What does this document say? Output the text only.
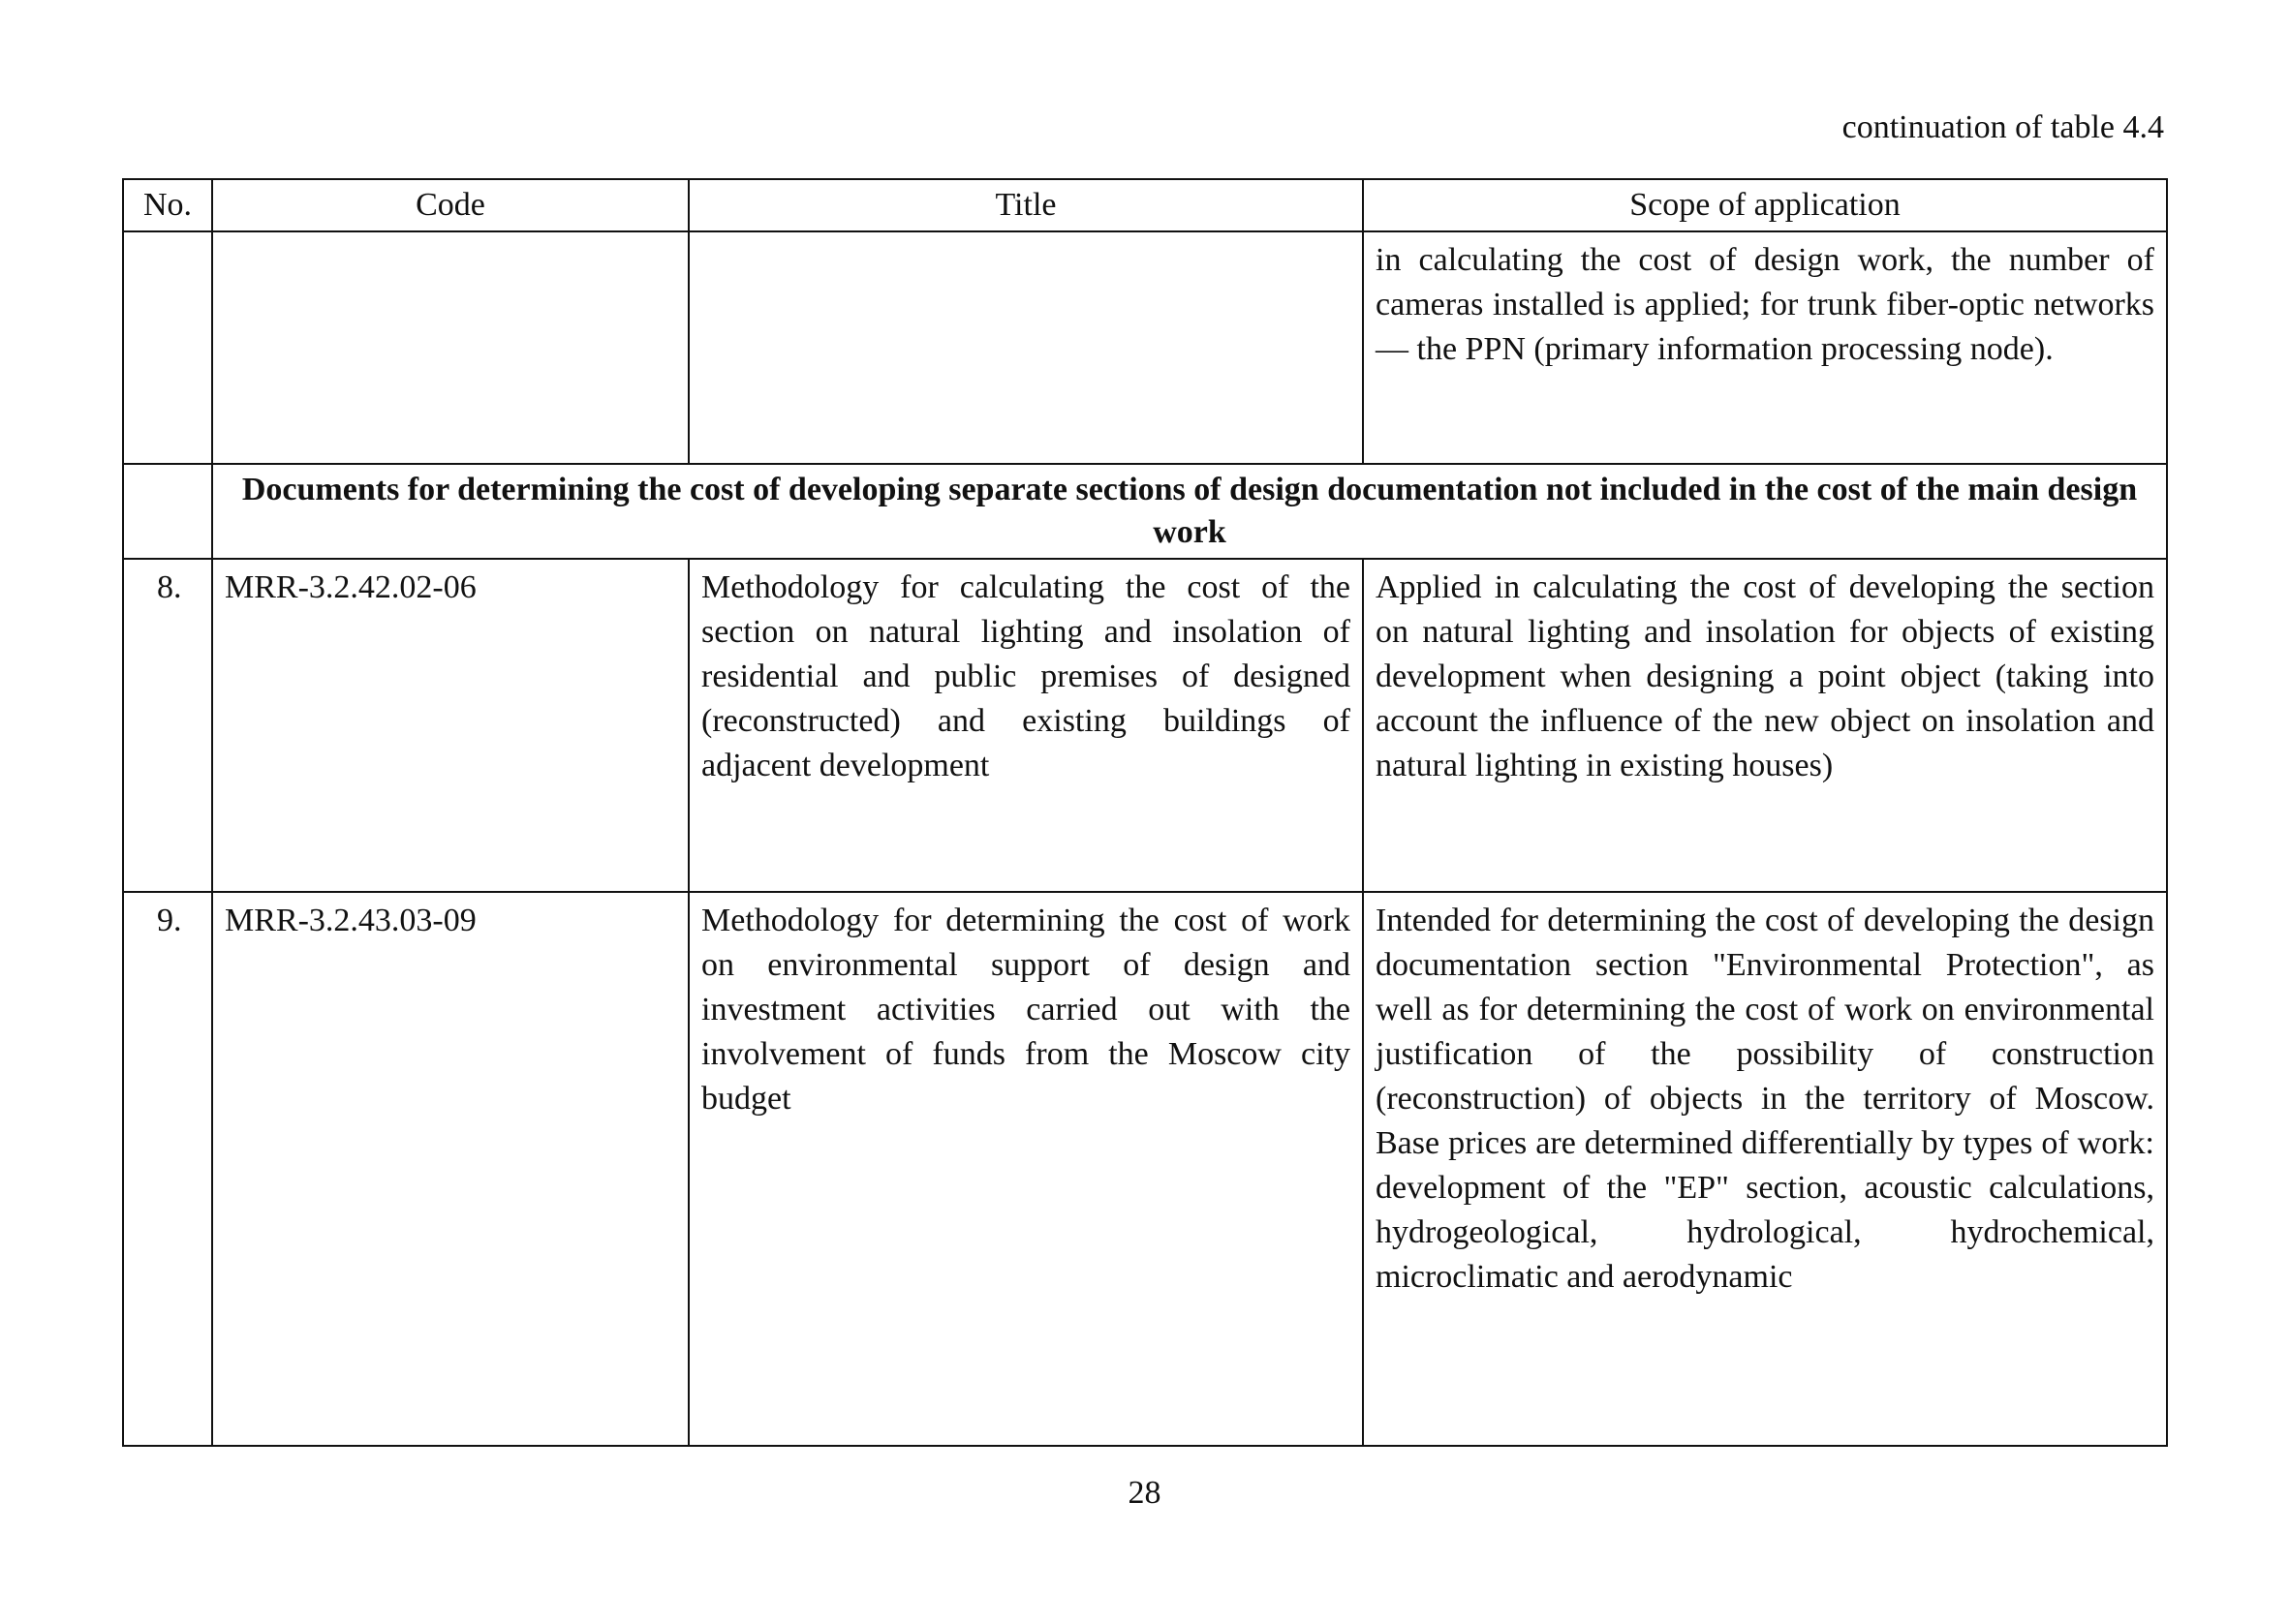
continuation of table 4.4
No.	Code	Title	Scope of application
			in calculating the cost of design work, the number of cameras installed is applied; for trunk fiber-optic networks — the PPN (primary information processing node).
	Documents for determining the cost of developing separate sections of design documentation not included in the cost of the main design work		
8.	MRR-3.2.42.02-06	Methodology for calculating the cost of the section on natural lighting and insolation of residential and public premises of designed (reconstructed) and existing buildings of adjacent development	Applied in calculating the cost of developing the section on natural lighting and insolation for objects of existing development when designing a point object (taking into account the influence of the new object on insolation and natural lighting in existing houses)
9.	MRR-3.2.43.03-09	Methodology for determining the cost of work on environmental support of design and investment activities carried out with the involvement of funds from the Moscow city budget	Intended for determining the cost of developing the design documentation section "Environmental Protection", as well as for determining the cost of work on environmental justification of the possibility of construction (reconstruction) of objects in the territory of Moscow. Base prices are determined differentially by types of work: development of the "EP" section, acoustic calculations, hydrogeological, hydrological, hydrochemical, microclimatic and aerodynamic
28
